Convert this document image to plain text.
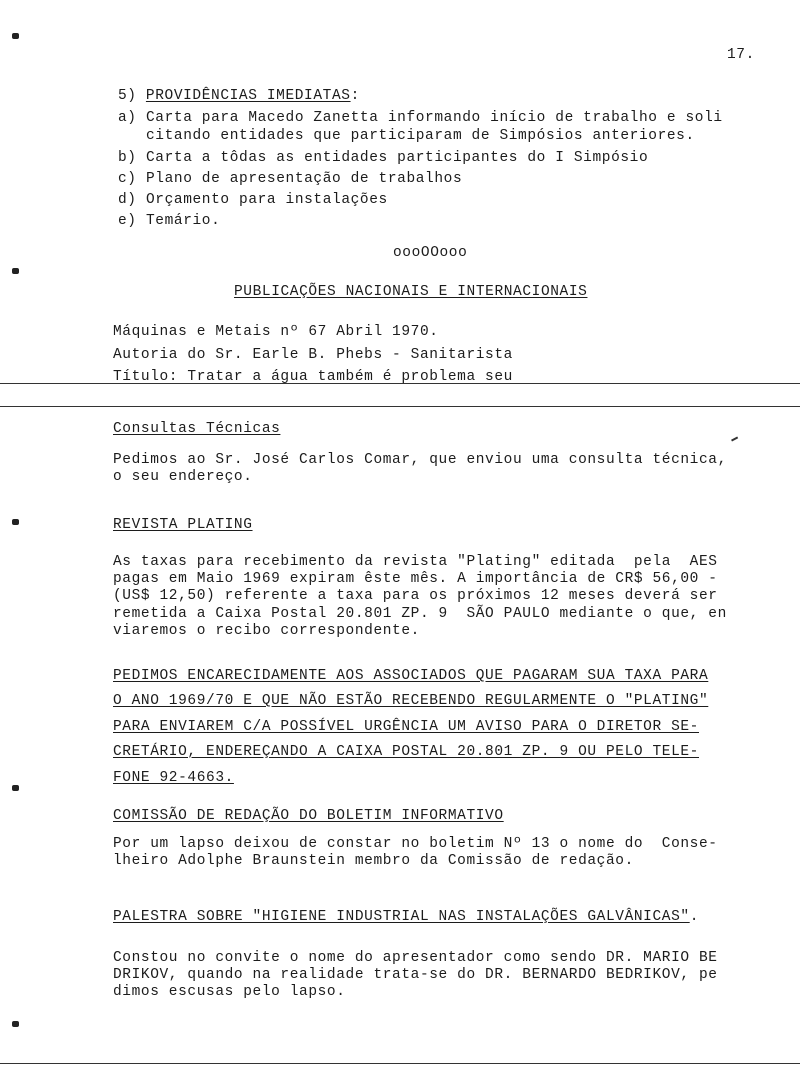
17.
5) PROVIDÊNCIAS IMEDIATAS:
a) Carta para Macedo Zanetta informando início de trabalho e soli
citando entidades que participaram de Simpósios anteriores.
b) Carta a tôdas as entidades participantes do I Simpósio
c) Plano de apresentação de trabalhos
d) Orçamento para instalações
e) Temário.
oooOOooo
PUBLICAÇÕES NACIONAIS E INTERNACIONAIS
Máquinas e Metais nº 67 Abril 1970.
Autoria do Sr. Earle B. Phebs - Sanitarista
Título: Tratar a água também é problema seu
Consultas Técnicas
Pedimos ao Sr. José Carlos Comar, que enviou uma consulta técnica,
o seu endereço.
REVISTA PLATING
As taxas para recebimento da revista "Plating" editada  pela  AES
pagas em Maio 1969 expiram êste mês. A importância de CR$ 56,00 -
(US$ 12,50) referente a taxa para os próximos 12 meses deverá ser
remetida a Caixa Postal 20.801 ZP. 9  SÃO PAULO mediante o que, en
viaremos o recibo correspondente.
PEDIMOS ENCARECIDAMENTE AOS ASSOCIADOS QUE PAGARAM SUA TAXA PARA
O ANO 1969/70 E QUE NÃO ESTÃO RECEBENDO REGULARMENTE O "PLATING"
PARA ENVIAREM C/A POSSÍVEL URGÊNCIA UM AVISO PARA O DIRETOR SE-
CRETÁRIO, ENDEREÇANDO A CAIXA POSTAL 20.801 ZP. 9 OU PELO TELE-
FONE 92-4663.
COMISSÃO DE REDAÇÃO DO BOLETIM INFORMATIVO
Por um lapso deixou de constar no boletim Nº 13 o nome do  Conse-
lheiro Adolphe Braunstein membro da Comissão de redação.
PALESTRA SOBRE "HIGIENE INDUSTRIAL NAS INSTALAÇÕES GALVÂNICAS".
Constou no convite o nome do apresentador como sendo DR. MARIO BE
DRIKOV, quando na realidade trata-se do DR. BERNARDO BEDRIKOV, pe
dimos escusas pelo lapso.
